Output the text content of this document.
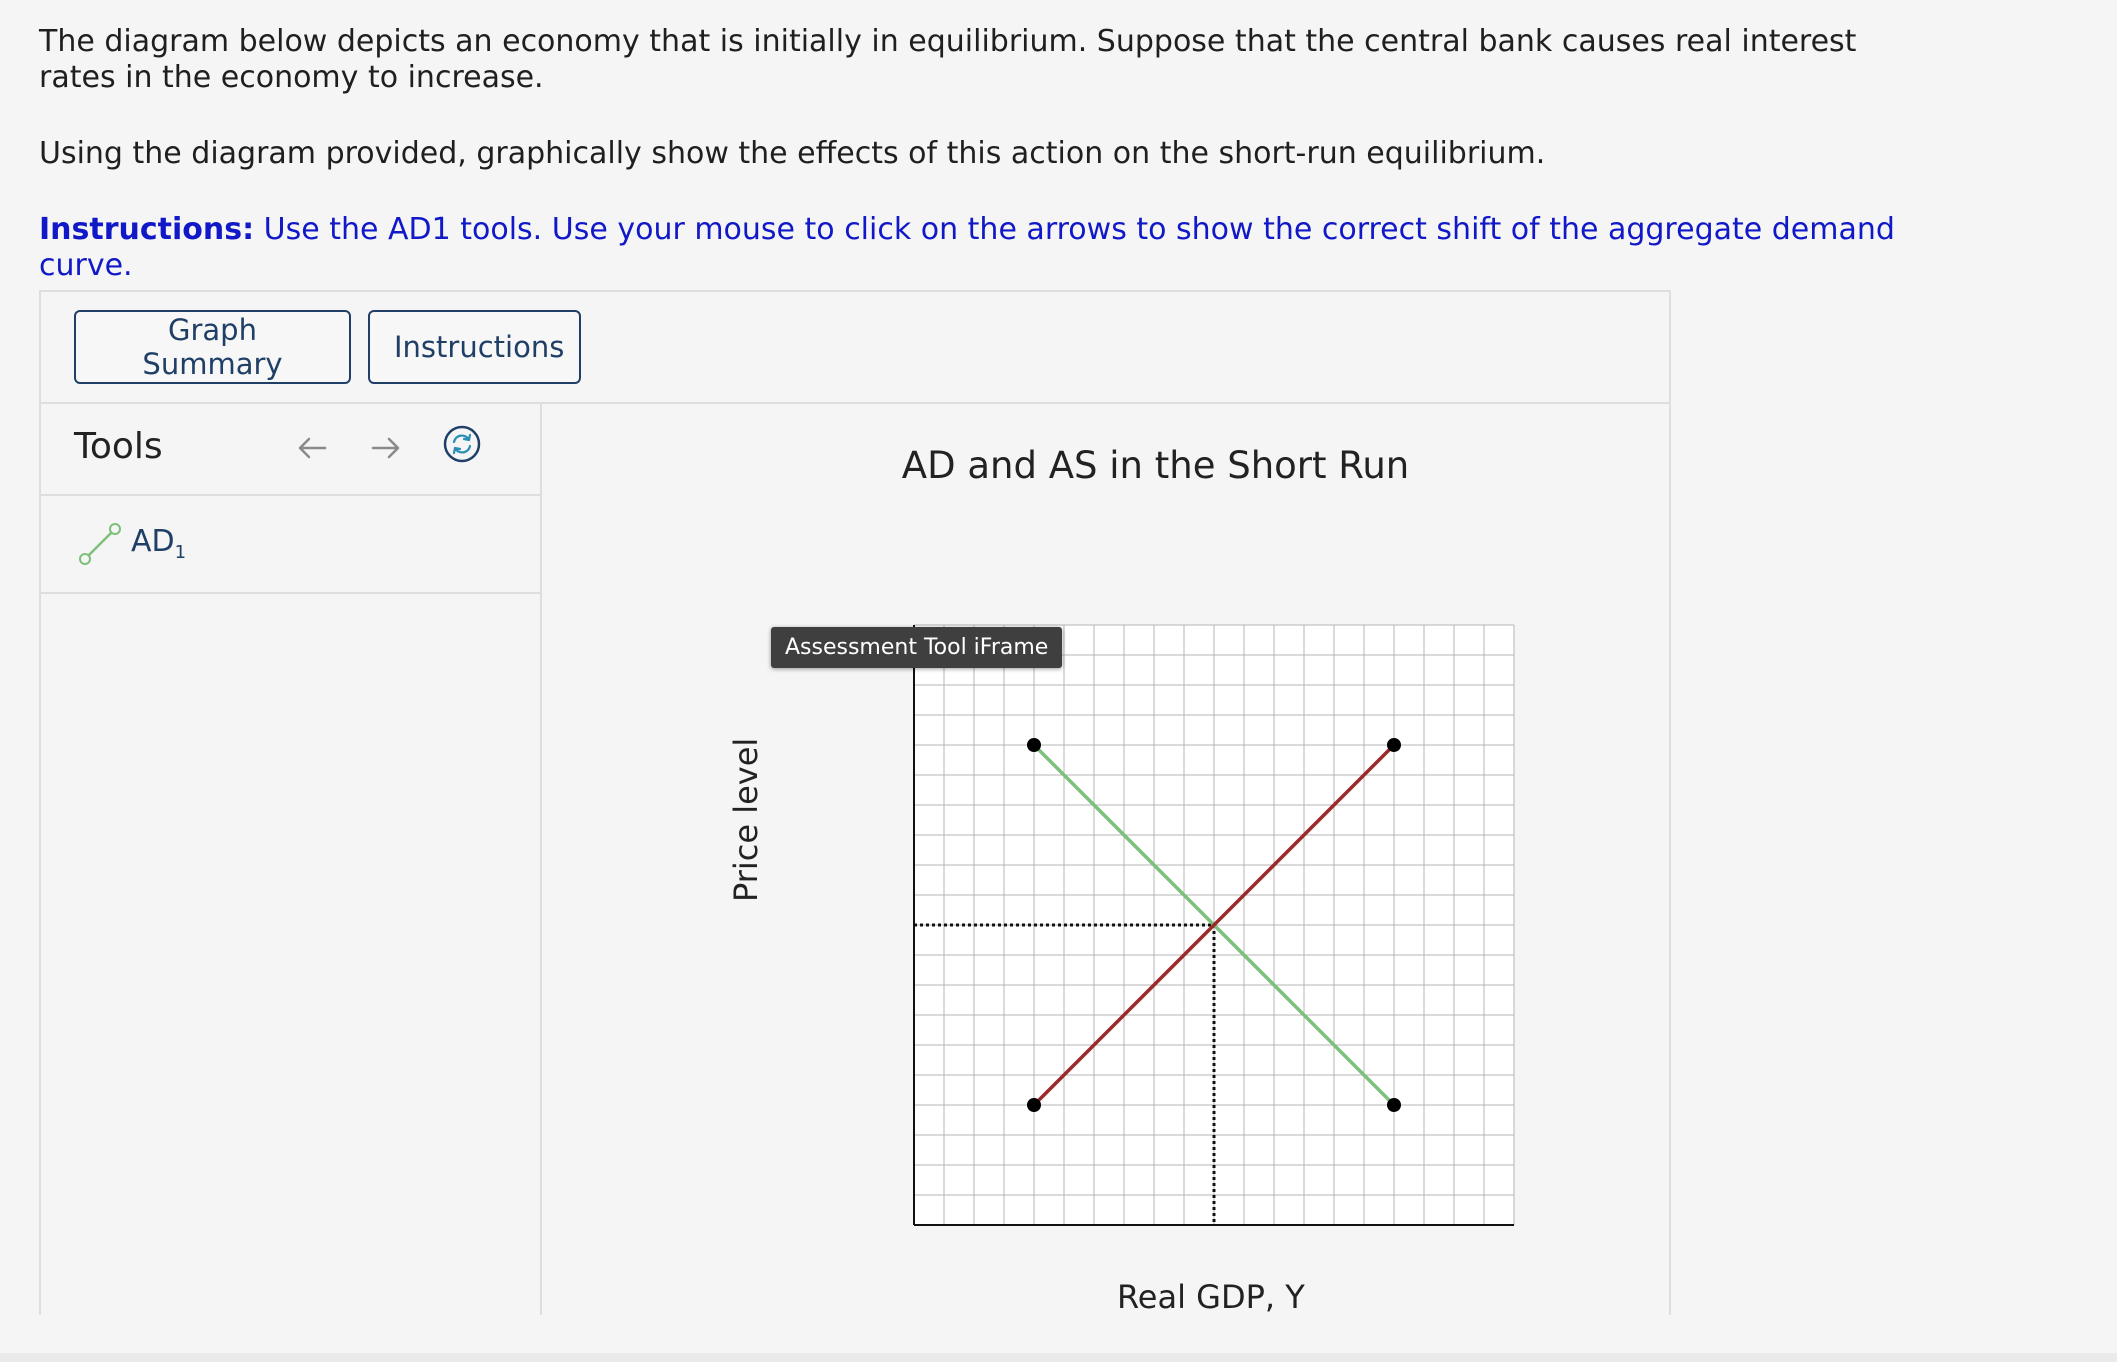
The diagram below depicts an economy that is initially in equilibrium. Suppose that the central bank causes real interest rates in the economy to increase.

Using the diagram provided, graphically show the effects of this action on the short-run equilibrium.

Instructions: Use the AD1 tools. Use your mouse to click on the arrows to show the correct shift of the aggregate demand curve.

Graph Summary	Instructions
Tools
$AD_1$
AD and AS in the Short Run
Assessment Tool iFrame
Price level
Real GDP, Y
